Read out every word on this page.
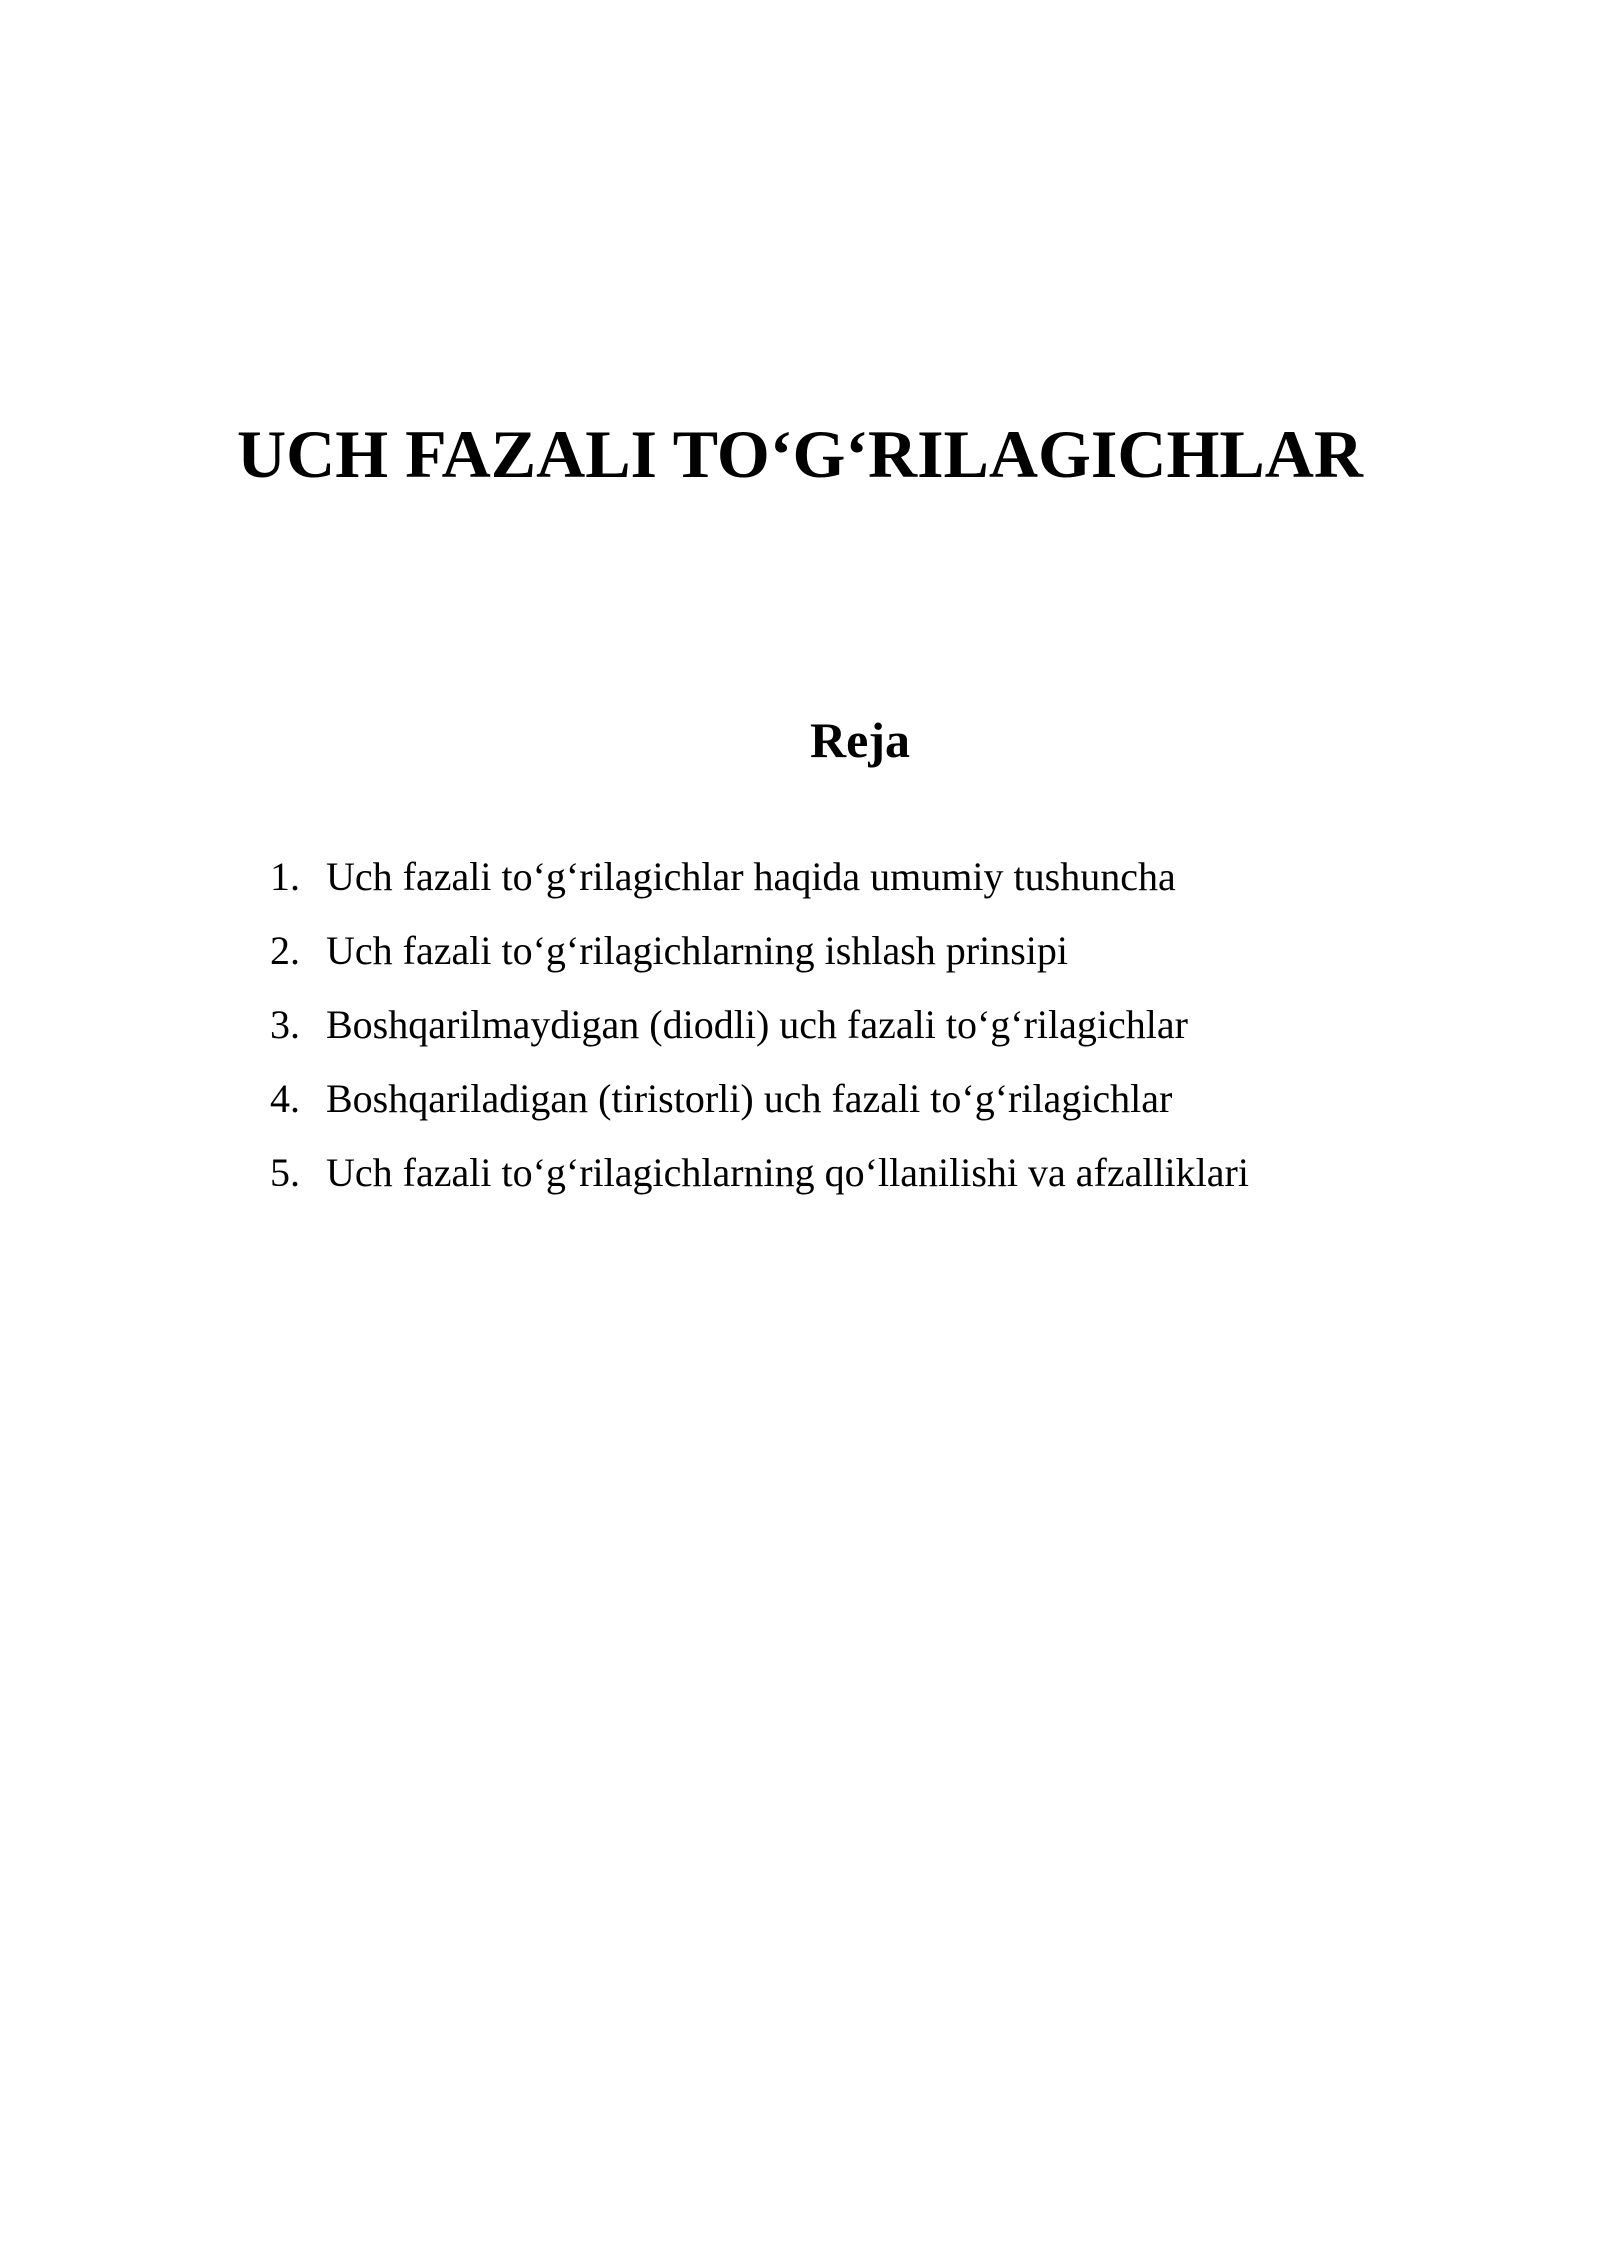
UCH FAZALI TO‘G‘RILAGICHLAR
Reja
1. Uch fazali to‘g‘rilagichlar haqida umumiy tushuncha
2. Uch fazali to‘g‘rilagichlarning ishlash prinsipi
3. Boshqarilmaydigan (diodli) uch fazali to‘g‘rilagichlar
4. Boshqariladigan (tiristorli) uch fazali to‘g‘rilagichlar
5. Uch fazali to‘g‘rilagichlarning qo‘llanilishi va afzalliklari
